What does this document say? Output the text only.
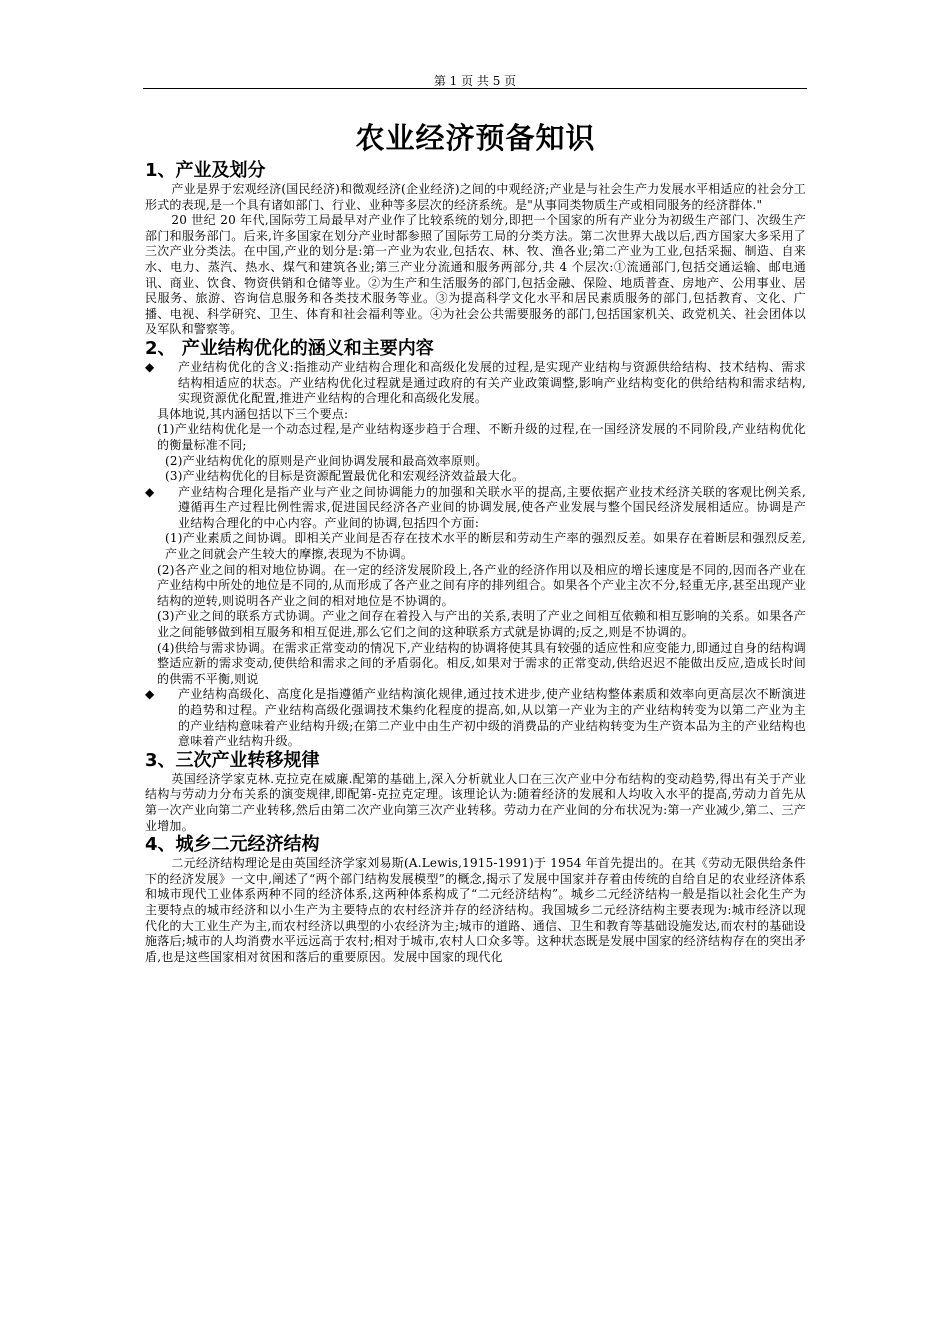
第 1 页 共 5 页
农业经济预备知识
1、产业及划分
产业是界于宏观经济(国民经济)和微观经济(企业经济)之间的中观经济;产业是与社会生产力发展水平相适应的社会分工形式的表现,是一个具有诸如部门、行业、业种等多层次的经济系统。是"从事同类物质生产或相同服务的经济群体."
20 世纪 20 年代,国际劳工局最早对产业作了比较系统的划分,即把一个国家的所有产业分为初级生产部门、次级生产部门和服务部门。后来,许多国家在划分产业时都参照了国际劳工局的分类方法。第二次世界大战以后,西方国家大多采用了三次产业分类法。在中国,产业的划分是:第一产业为农业,包括农、林、牧、渔各业;第二产业为工业,包括采掘、制造、自来水、电力、蒸汽、热水、煤气和建筑各业;第三产业分流通和服务两部分,共 4 个层次:①流通部门,包括交通运输、邮电通讯、商业、饮食、物资供销和仓储等业。②为生产和生活服务的部门,包括金融、保险、地质普查、房地产、公用事业、居民服务、旅游、咨询信息服务和各类技术服务等业。③为提高科学文化水平和居民素质服务的部门,包括教育、文化、广播、电视、科学研究、卫生、体育和社会福利等业。④为社会公共需要服务的部门,包括国家机关、政党机关、社会团体以及军队和警察等。
2、 产业结构优化的涵义和主要内容
◆ 产业结构优化的含义:指推动产业结构合理化和高级化发展的过程,是实现产业结构与资源供给结构、技术结构、需求结构相适应的状态。产业结构优化过程就是通过政府的有关产业政策调整,影响产业结构变化的供给结构和需求结构,实现资源优化配置,推进产业结构的合理化和高级化发展。
具体地说,其内涵包括以下三个要点:
(1)产业结构优化是一个动态过程,是产业结构逐步趋于合理、不断升级的过程,在一国经济发展的不同阶段,产业结构优化的衡量标准不同;
(2)产业结构优化的原则是产业间协调发展和最高效率原则。
(3)产业结构优化的目标是资源配置最优化和宏观经济效益最大化。
◆ 产业结构合理化是指产业与产业之间协调能力的加强和关联水平的提高,主要依据产业技术经济关联的客观比例关系,遵循再生产过程比例性需求,促进国民经济各产业间的协调发展,使各产业发展与整个国民经济发展相适应。协调是产业结构合理化的中心内容。产业间的协调,包括四个方面:
(1)产业素质之间协调。即相关产业间是否存在技术水平的断层和劳动生产率的强烈反差。如果存在着断层和强烈反差,产业之间就会产生较大的摩擦,表现为不协调。
(2)各产业之间的相对地位协调。在一定的经济发展阶段上,各产业的经济作用以及相应的增长速度是不同的,因而各产业在产业结构中所处的地位是不同的,从而形成了各产业之间有序的排列组合。如果各个产业主次不分,轻重无序,甚至出现产业结构的逆转,则说明各产业之间的相对地位是不协调的。
(3)产业之间的联系方式协调。产业之间存在着投入与产出的关系,表明了产业之间相互依赖和相互影响的关系。如果各产业之间能够做到相互服务和相互促进,那么它们之间的这种联系方式就是协调的;反之,则是不协调的。
(4)供给与需求协调。在需求正常变动的情况下,产业结构的协调将使其具有较强的适应性和应变能力,即通过自身的结构调整适应新的需求变动,使供给和需求之间的矛盾弱化。相反,如果对于需求的正常变动,供给迟迟不能做出反应,造成长时间的供需不平衡,则说
◆ 产业结构高级化、高度化是指遵循产业结构演化规律,通过技术进步,使产业结构整体素质和效率向更高层次不断演进的趋势和过程。产业结构高级化强调技术集约化程度的提高,如,从以第一产业为主的产业结构转变为以第二产业为主的产业结构意味着产业结构升级;在第二产业中由生产初中级的消费品的产业结构转变为生产资本品为主的产业结构也意味着产业结构升级。
3、三次产业转移规律
英国经济学家克林.克拉克在威廉.配第的基础上,深入分析就业人口在三次产业中分布结构的变动趋势,得出有关于产业结构与劳动力分布关系的演变规律,即配第-克拉克定理。该理论认为:随着经济的发展和人均收入水平的提高,劳动力首先从第一次产业向第二产业转移,然后由第二次产业向第三次产业转移。劳动力在产业间的分布状况为:第一产业减少,第二、三产业增加。
4、城乡二元经济结构
二元经济结构理论是由英国经济学家刘易斯(A.Lewis,1915-1991)于 1954 年首先提出的。在其《劳动无限供给条件下的经济发展》一文中,阐述了“两个部门结构发展模型”的概念,揭示了发展中国家并存着由传统的自给自足的农业经济体系和城市现代工业体系两种不同的经济体系,这两种体系构成了“二元经济结构”。城乡二元经济结构一般是指以社会化生产为主要特点的城市经济和以小生产为主要特点的农村经济并存的经济结构。我国城乡二元经济结构主要表现为:城市经济以现代化的大工业生产为主,而农村经济以典型的小农经济为主;城市的道路、通信、卫生和教育等基础设施发达,而农村的基础设施落后;城市的人均消费水平远远高于农村;相对于城市,农村人口众多等。这种状态既是发展中国家的经济结构存在的突出矛盾,也是这些国家相对贫困和落后的重要原因。发展中国家的现代化
